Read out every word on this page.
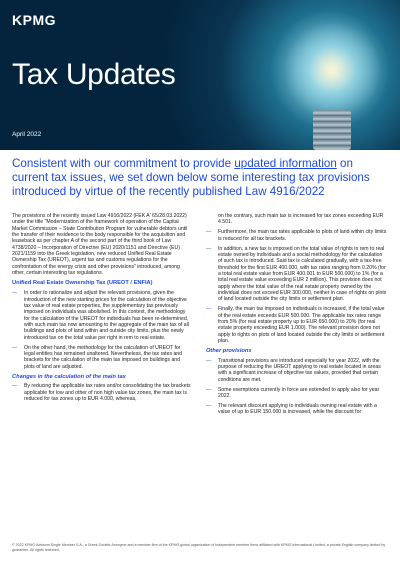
KPMG
Tax Updates
April 2022
Consistent with our commitment to provide updated information on current tax issues, we set down below some interesting tax provisions introduced by virtue of the recently published Law 4916/2022

The provisions of the recently issued Law 4916/2022 (FEK A' 65/28.03.2022) under the title "Modernization of the framework of operation of the Capital Market Commission – State Contribution Program for vulnerable debtors until the transfer of their residence to the body responsible for the acquisition and leaseback as per chapter A of the second part of the third book of Law 4738/2020 – Incorporation of Directive (EU) 2020/1151 and Directive (EU) 2021/1159 into the Greek legislation, new reduced Unified Real Estate Ownership Tax (UREOT), urgent tax and customs regulations for the confrontation of the energy crisis and other provisions" introduced, among other, certain interesting tax regulations.

Unified Real Estate Ownership Tax (UREOT / ENFIA)
— In order to rationalize and adjust the relevant provisions, given the introduction of the new starting prices for the calculation of the objective tax value of real estate properties, the supplementary tax previously imposed on individuals was abolished. In this context, the methodology for the calculation of the UREOT for individuals has been re-determined, with such main tax now amounting to the aggregate of the main tax of all buildings and plots of land within and outside city limits, plus the newly introduced tax on the total value per right in rem to real estate.
— On the other hand, the methodology for the calculation of UREOT for legal entities has remained unaltered. Nevertheless, the tax rates and brackets for the calculation of the main tax imposed on buildings and plots of land are adjusted.
Changes in the calculation of the main tax
— By reducing the applicable tax rates and/or consolidating the tax brackets applicable for low and other of non high value tax zones, the main tax is reduced for tax zones up to EUR 4.000, whereas,
on the contrary, such main tax is increased for tax zones exceeding EUR 4.501.
— Furthermore, the main tax rates applicable to plots of land within city limits is reduced for all tax brackets.
— In addition, a new tax is imposed on the total value of rights in rem to real estate owned by individuals and a social methodology for the calculation of such tax is introduced. Said tax is calculated gradually, with a tax-free threshold for the first EUR 400.000, with tax rates ranging from 0.20% (for a total real estate value from EUR 400.001 to EUR 500.000) to 1% (for a total real estate value exceeding EUR 2 million). This provision does not apply where the total value of the real estate property owned by the individual does not exceed EUR 300.000, neither in case of rights on plots of land located outside the city limits or settlement plan.
— Finally, the main tax imposed on individuals is increased, if the total value of the real estate exceeds EUR 500.000. The applicable tax rates range from 5% (for real estate property up to EUR 650.000) to 20% (for real estate property exceeding EUR 1.000). The relevant provision does not apply to rights on plots of land located outside the city limits or settlement plan.
Other provisions
— Transitional provisions are introduced especially for year 2022, with the purpose of reducing the UREOT applying to real estate located in areas with a significant increase of objective tax values, provided that certain conditions are met.
— Some exemptions currently in force are extended to apply also for year 2022.
— The relevant discount applying to individuals owning real estate with a value of up to EUR 150.000 is increased, while the discount for
© 2022 KPMG Advisors Single Member S.A., a Greek Société Anonyme and a member firm of the KPMG global organization of independent member firms affiliated with KPMG International Limited, a private English company limited by guarantee. All rights reserved.
